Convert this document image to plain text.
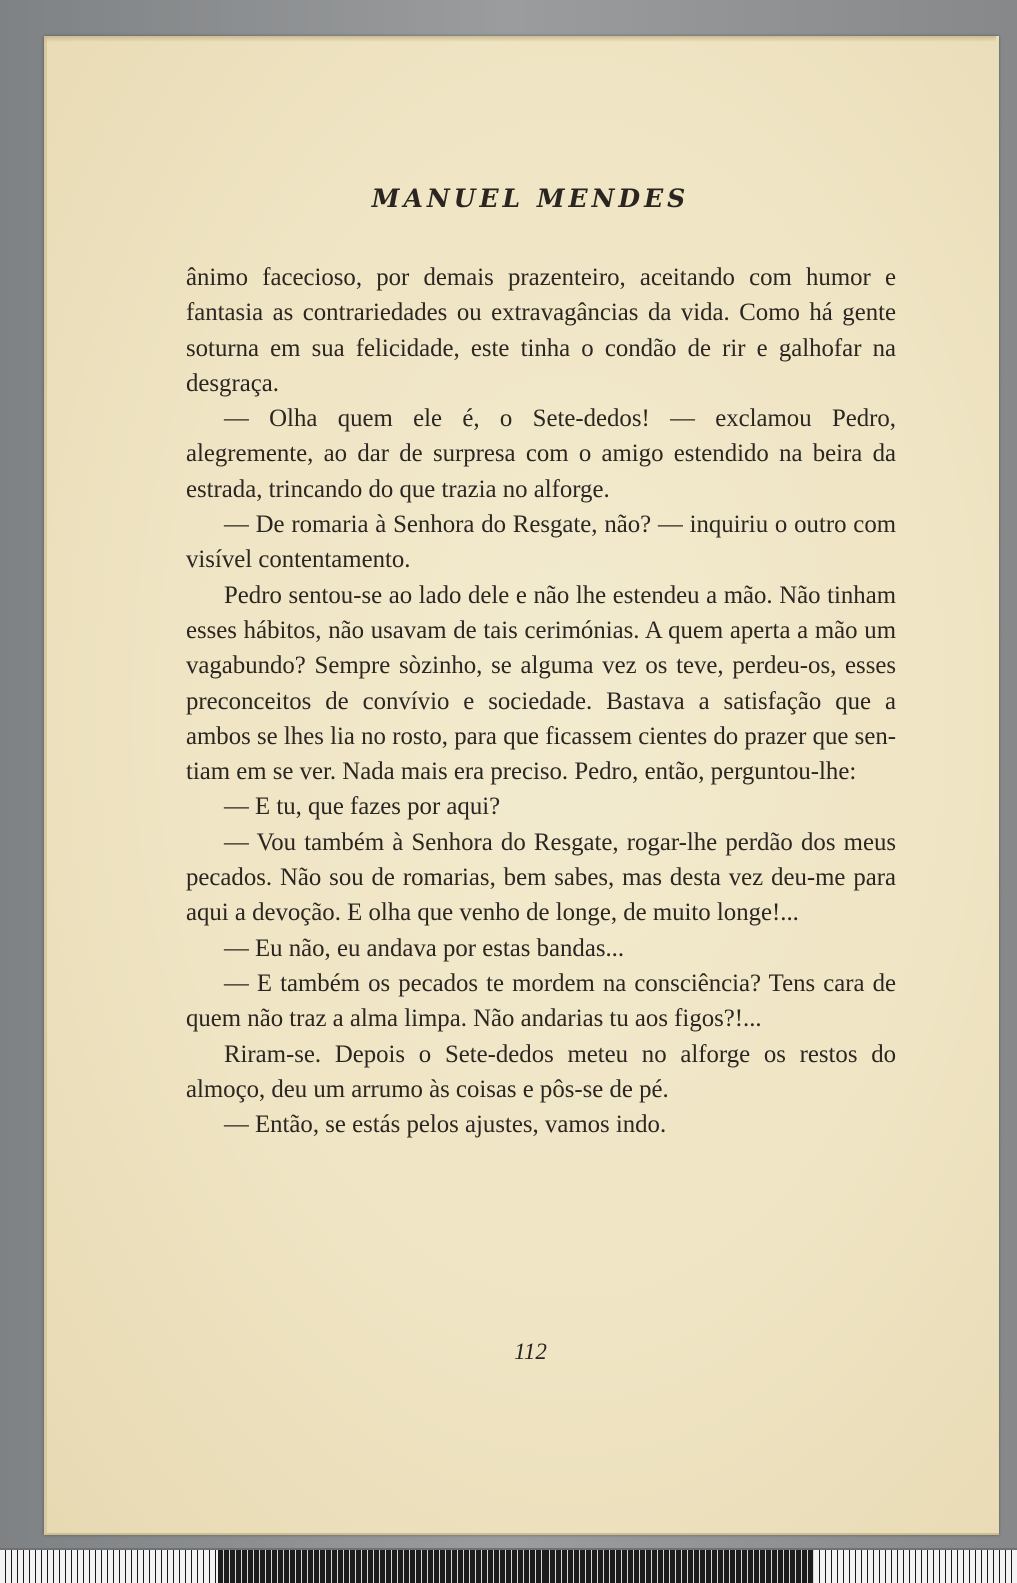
MANUEL MENDES

ânimo facecioso, por demais prazenteiro, aceitando com humor e fantasia as contrariedades ou extravagâncias da vida. Como há gente soturna em sua felicidade, este tinha o condão de rir e galhofar na desgraça.

— Olha quem ele é, o Sete-dedos! — exclamou Pedro, alegremente, ao dar de surpresa com o amigo estendido na beira da estrada, trincando do que trazia no alforge.

— De romaria à Senhora do Resgate, não? — inquiriu o outro com visível contentamento.

Pedro sentou-se ao lado dele e não lhe estendeu a mão. Não tinham esses hábitos, não usavam de tais cerimónias. A quem aperta a mão um vagabundo? Sempre sòzinho, se alguma vez os teve, perdeu-os, esses preconceitos de convívio e sociedade. Bastava a satisfação que a ambos se lhes lia no rosto, para que ficassem cientes do prazer que sentiam em se ver. Nada mais era preciso. Pedro, então, perguntou-lhe:

— E tu, que fazes por aqui?

— Vou também à Senhora do Resgate, rogar-lhe perdão dos meus pecados. Não sou de romarias, bem sabes, mas desta vez deu-me para aqui a devoção. E olha que venho de longe, de muito longe!...

— Eu não, eu andava por estas bandas...

— E também os pecados te mordem na consciência? Tens cara de quem não traz a alma limpa. Não andarias tu aos figos?!...

Riram-se. Depois o Sete-dedos meteu no alforge os restos do almoço, deu um arrumo às coisas e pôs-se de pé.

— Então, se estás pelos ajustes, vamos indo.

112
